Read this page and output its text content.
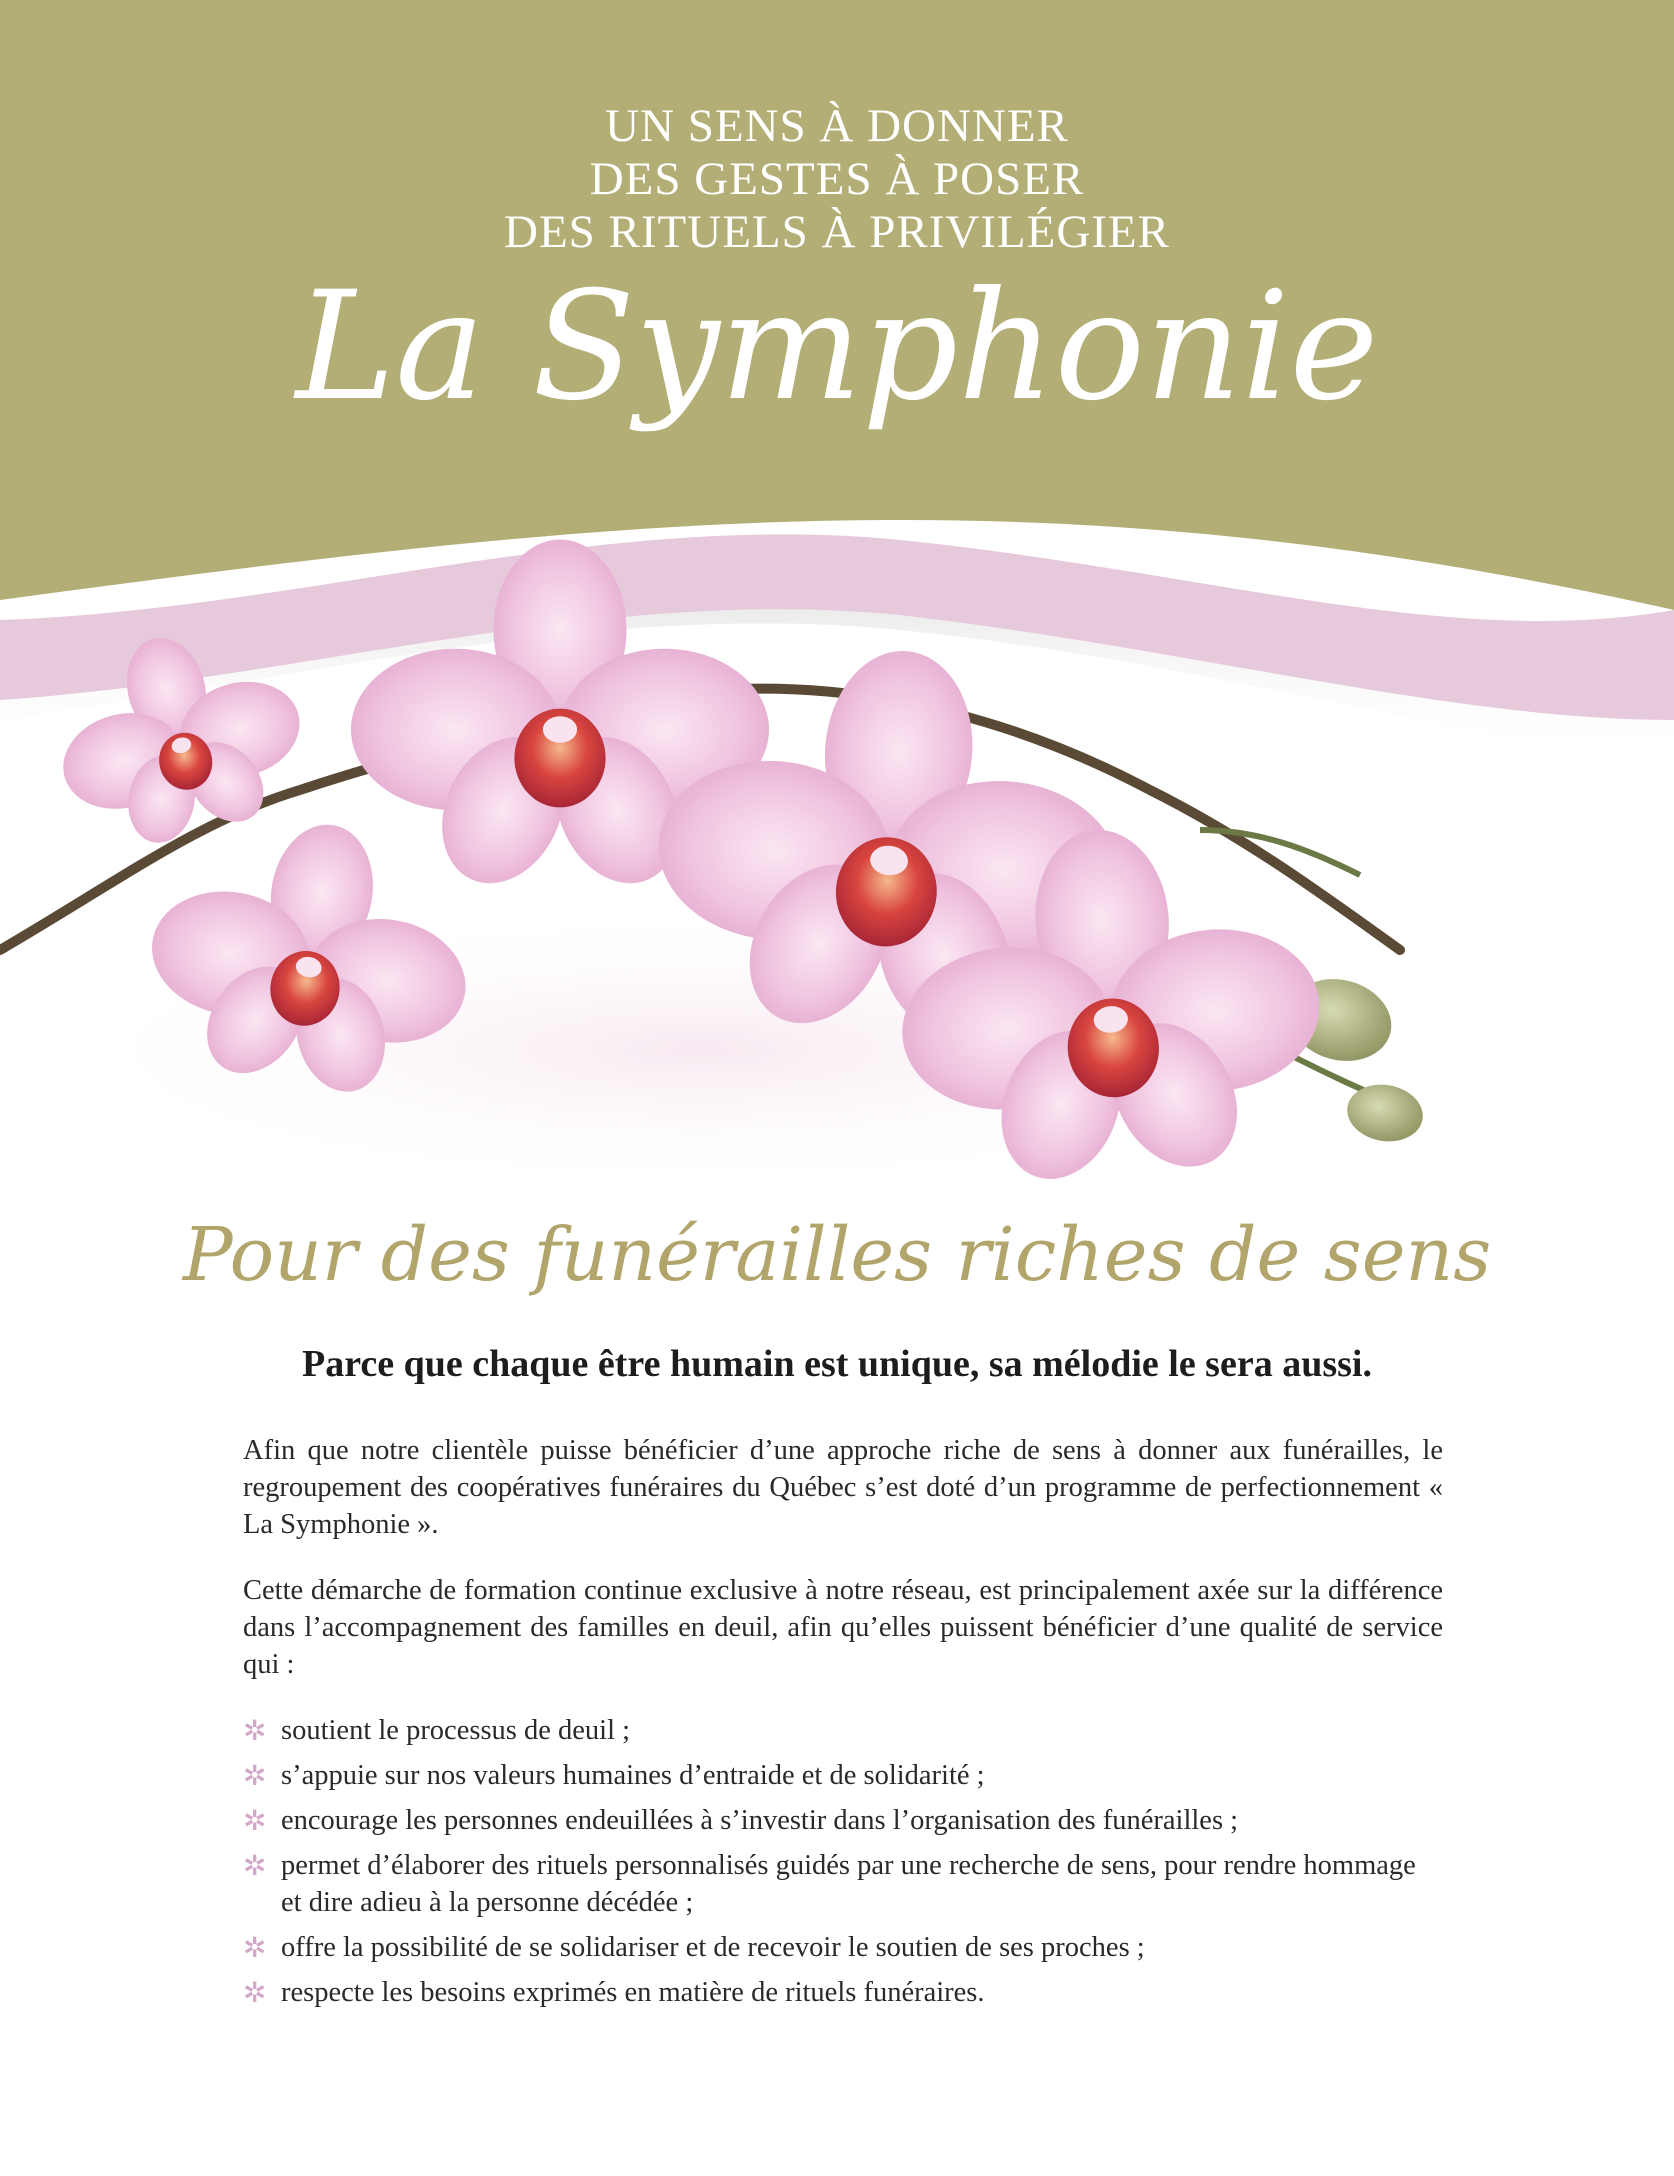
UN SENS À DONNER
DES GESTES À POSER
DES RITUELS À PRIVILÉGIER
La Symphonie
Pour des funérailles riches de sens
Parce que chaque être humain est unique, sa mélodie le sera aussi.

Afin que notre clientèle puisse bénéficier d’une approche riche de sens à donner aux funérailles, le regroupement des coopératives funéraires du Québec s’est doté d’un programme de perfectionnement « La Symphonie ».

Cette démarche de formation continue exclusive à notre réseau, est principalement axée sur la différence dans l’accompagnement des familles en deuil, afin qu’elles puissent bénéficier d’une qualité de service qui :

✲ soutient le processus de deuil ;
✲ s’appuie sur nos valeurs humaines d’entraide et de solidarité ;
✲ encourage les personnes endeuillées à s’investir dans l’organisation des funérailles ;
✲ permet d’élaborer des rituels personnalisés guidés par une recherche de sens, pour rendre hommage et dire adieu à la personne décédée ;
✲ offre la possibilité de se solidariser et de recevoir le soutien de ses proches ;
✲ respecte les besoins exprimés en matière de rituels funéraires.
